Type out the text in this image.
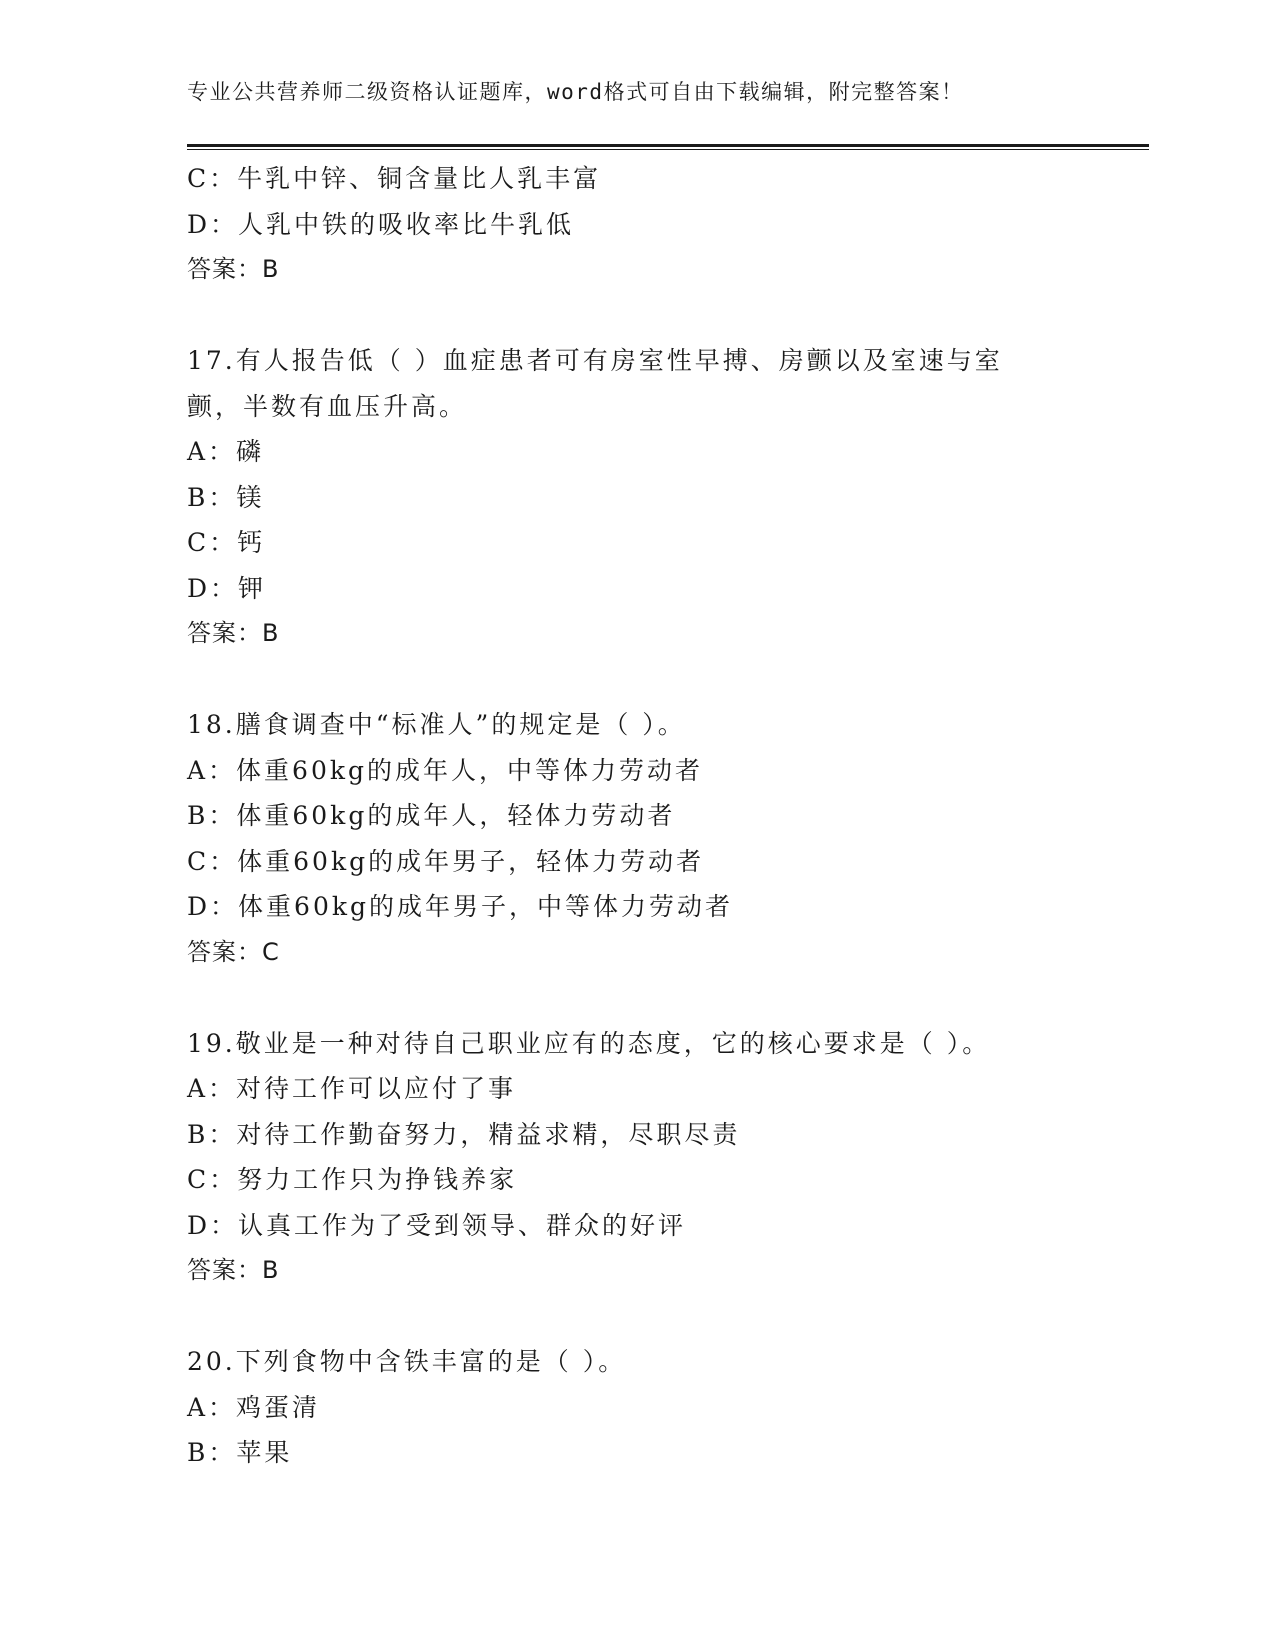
专业公共营养师二级资格认证题库，word格式可自由下载编辑，附完整答案！
C：牛乳中锌、铜含量比人乳丰富
D：人乳中铁的吸收率比牛乳低
答案：B
17.有人报告低（ ）血症患者可有房室性早搏、房颤以及室速与室
颤，半数有血压升高。
A：磷
B：镁
C：钙
D：钾
答案：B
18.膳食调查中“标准人”的规定是（ ）。
A：体重60kg的成年人，中等体力劳动者
B：体重60kg的成年人，轻体力劳动者
C：体重60kg的成年男子，轻体力劳动者
D：体重60kg的成年男子，中等体力劳动者
答案：C
19.敬业是一种对待自己职业应有的态度，它的核心要求是（ ）。
A：对待工作可以应付了事
B：对待工作勤奋努力，精益求精，尽职尽责
C：努力工作只为挣钱养家
D：认真工作为了受到领导、群众的好评
答案：B
20.下列食物中含铁丰富的是（ ）。
A：鸡蛋清
B：苹果
